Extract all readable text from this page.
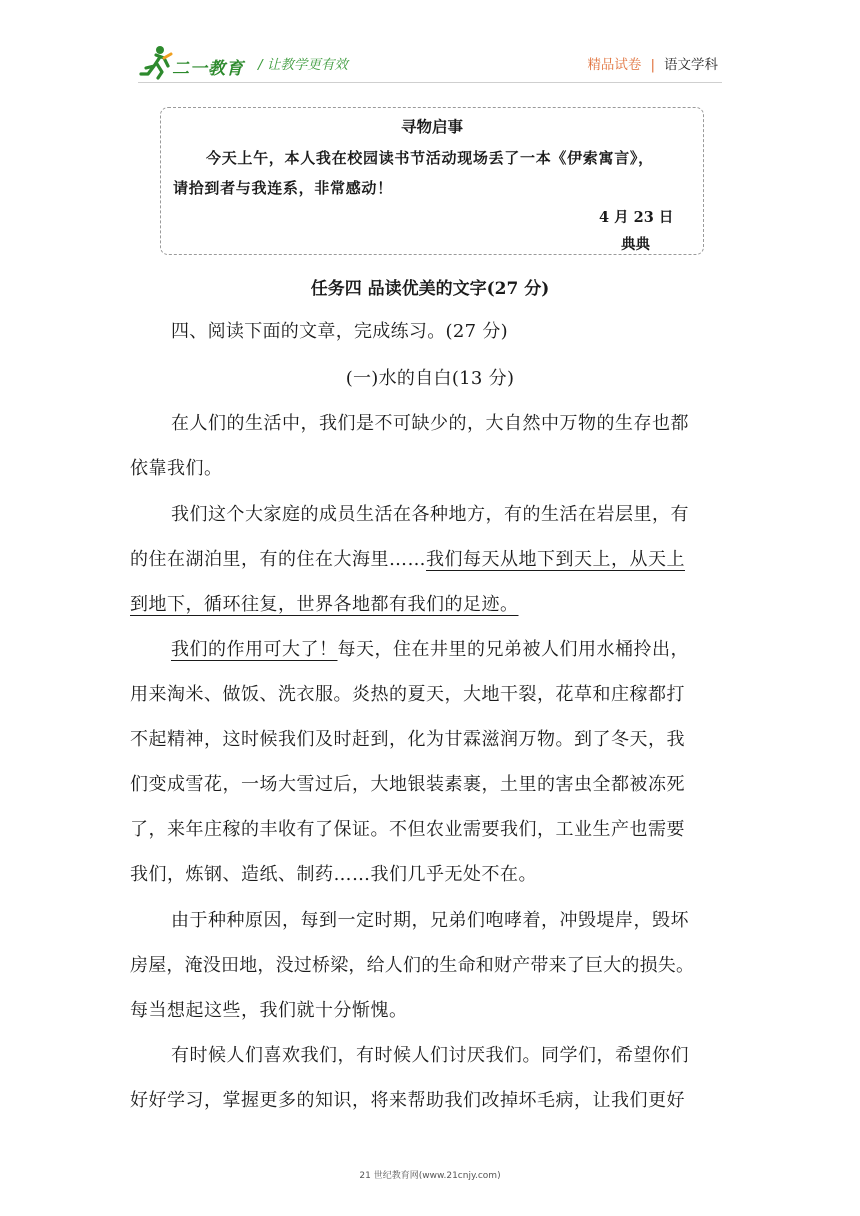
二一教育 / 让教学更有效	精品试卷 | 语文学科
寻物启事
今天上午，本人我在校园读书节活动现场丢了一本《伊索寓言》，
请拾到者与我连系，非常感动！
4 月 23 日
典典
任务四 品读优美的文字(27 分)
四、阅读下面的文章，完成练习。(27 分)
(一)水的自白(13 分)
在人们的生活中，我们是不可缺少的，大自然中万物的生存也都
依靠我们。
我们这个大家庭的成员生活在各种地方，有的生活在岩层里，有
的住在湖泊里，有的住在大海里……我们每天从地下到天上，从天上
到地下，循环往复，世界各地都有我们的足迹。
我们的作用可大了！每天，住在井里的兄弟被人们用水桶拎出，
用来淘米、做饭、洗衣服。炎热的夏天，大地干裂，花草和庄稼都打
不起精神，这时候我们及时赶到，化为甘霖滋润万物。到了冬天，我
们变成雪花，一场大雪过后，大地银装素裹，土里的害虫全都被冻死
了，来年庄稼的丰收有了保证。不但农业需要我们，工业生产也需要
我们，炼钢、造纸、制药……我们几乎无处不在。
由于种种原因，每到一定时期，兄弟们咆哮着，冲毁堤岸，毁坏
房屋，淹没田地，没过桥梁，给人们的生命和财产带来了巨大的损失。
每当想起这些，我们就十分惭愧。
有时候人们喜欢我们，有时候人们讨厌我们。同学们，希望你们
好好学习，掌握更多的知识，将来帮助我们改掉坏毛病，让我们更好
21 世纪教育网(www.21cnjy.com)
